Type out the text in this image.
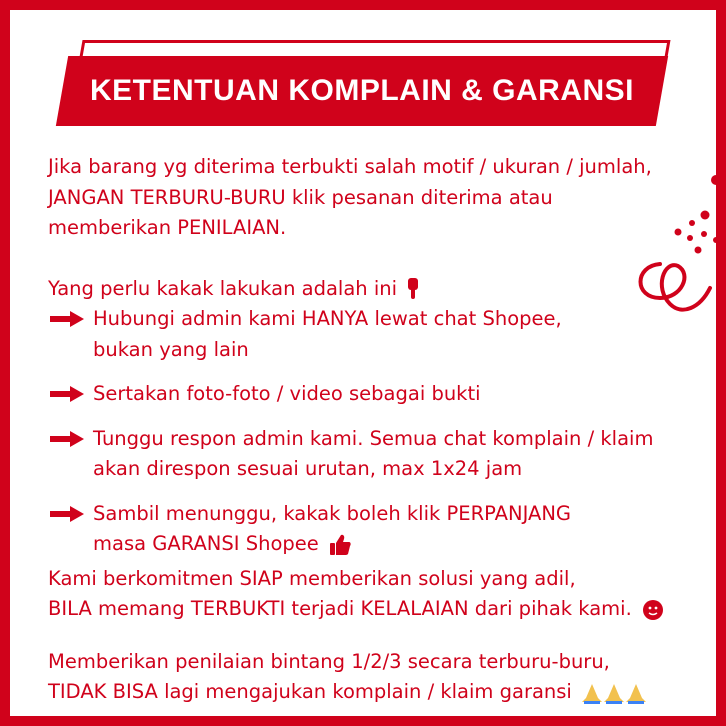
KETENTUAN KOMPLAIN & GARANSI

Jika barang yg diterima terbukti salah motif / ukuran / jumlah,

JANGAN TERBURU-BURU klik pesanan diterima atau

memberikan PENILAIAN.

Yang perlu kakak lakukan adalah ini

Hubungi admin kami HANYA lewat chat Shopee,

bukan yang lain

Sertakan foto-foto / video sebagai bukti

Tunggu respon admin kami. Semua chat komplain / klaim

akan direspon sesuai urutan, max 1x24 jam

Sambil menunggu, kakak boleh klik PERPANJANG

masa GARANSI Shopee

Kami berkomitmen SIAP memberikan solusi yang adil,

BILA memang TERBUKTI terjadi KELALAIAN dari pihak kami.

Memberikan penilaian bintang 1/2/3 secara terburu-buru,

TIDAK BISA lagi mengajukan komplain / klaim garansi
